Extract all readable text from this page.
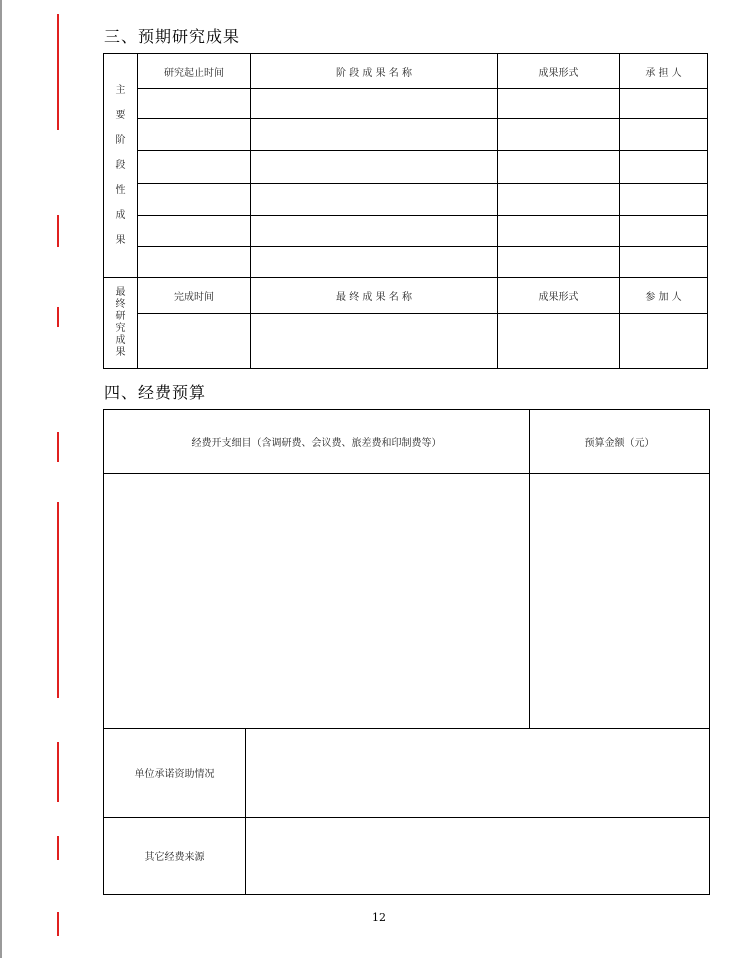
三、预期研究成果
主要阶段性成果	研究起止时间	阶 段 成 果 名 称	成果形式	承 担 人

最终研究成果	完成时间	最 终 成 果 名 称	成果形式	参 加 人

四、经费预算
经费开支细目（含调研费、会议费、旅差费和印制费等）		预算金额（元）

单位承诺资助情况		
其它经费来源		
12
